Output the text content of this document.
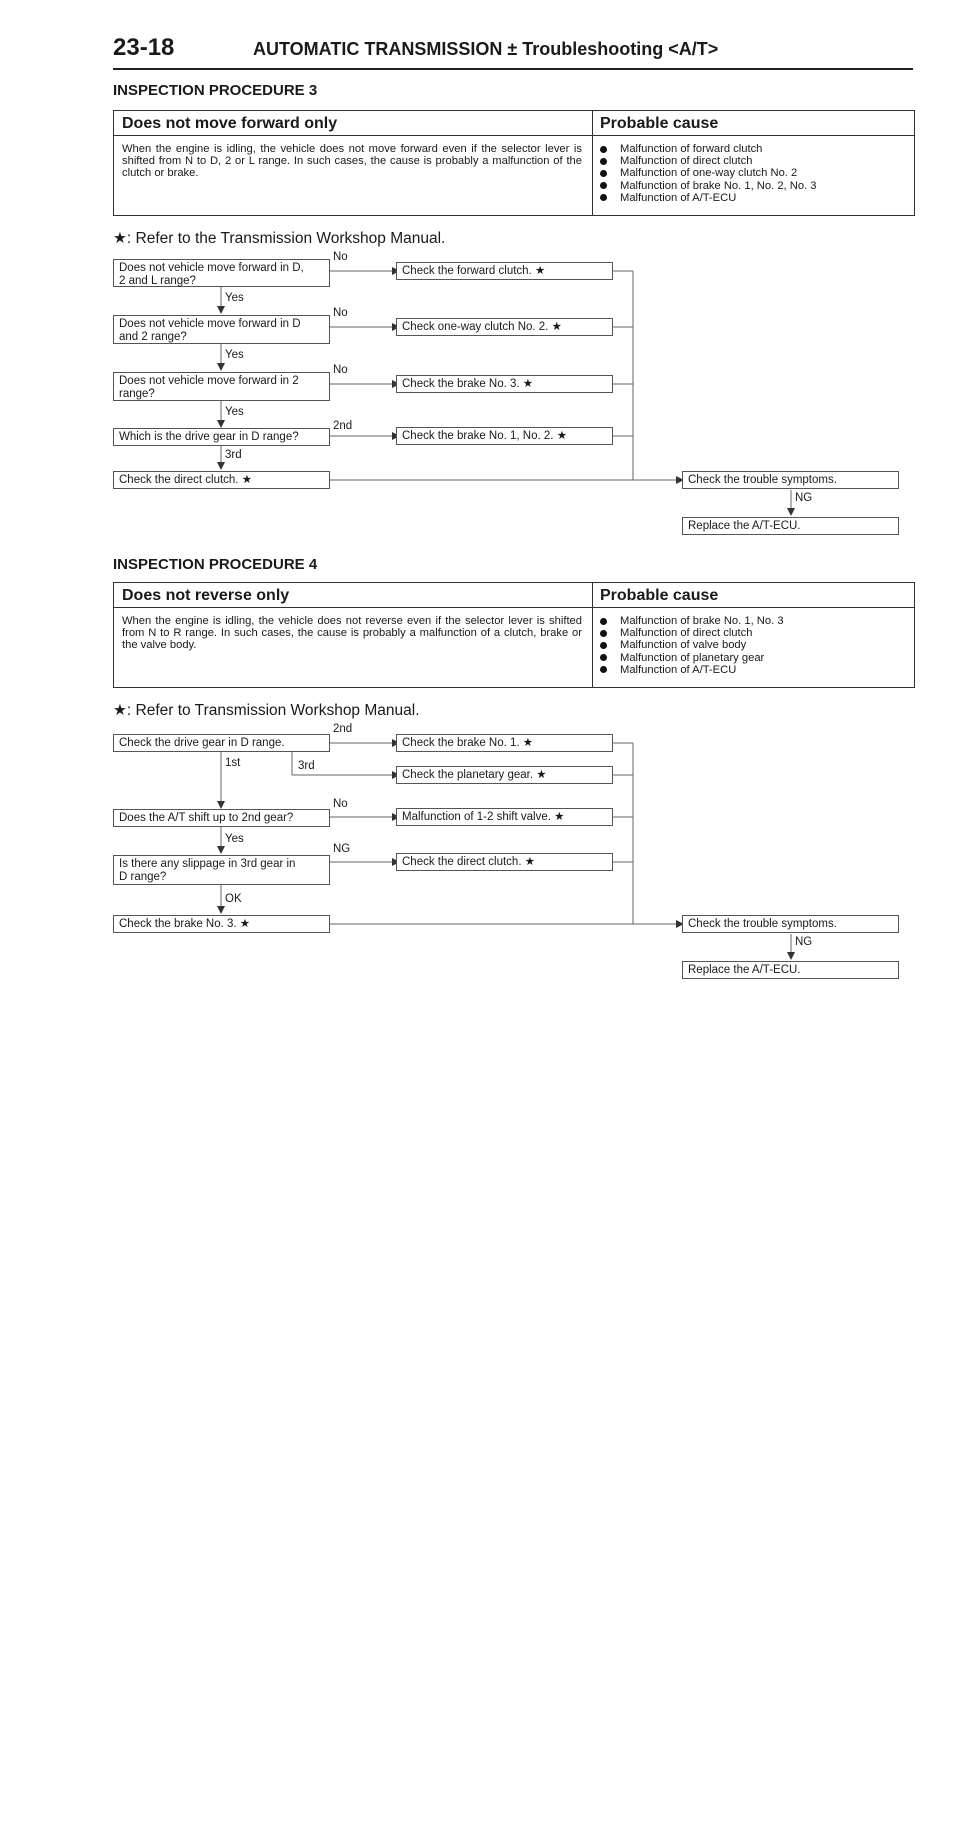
23-18	AUTOMATIC TRANSMISSION ± Troubleshooting <A/T>
INSPECTION PROCEDURE 3
Does not move forward only	Probable cause
When the engine is idling, the vehicle does not move forward even if the selector lever is shifted from N to D, 2 or L range. In such cases, the cause is probably a malfunction of the clutch or brake.
Malfunction of forward clutch
Malfunction of direct clutch
Malfunction of one-way clutch No. 2
Malfunction of brake No. 1, No. 2, No. 3
Malfunction of A/T-ECU
★: Refer to the Transmission Workshop Manual.
Does not vehicle move forward in D,
2 and L range?
Does not vehicle move forward in D
and 2 range?
Does not vehicle move forward in 2
range?
Which is the drive gear in D range?
Check the direct clutch. ★
Check the forward clutch. ★
Check one-way clutch No. 2. ★
Check the brake No. 3. ★
Check the brake No. 1, No. 2. ★
Check the trouble symptoms.
Replace the A/T-ECU.
No
No
No
2nd
Yes
Yes
Yes
3rd
NG
INSPECTION PROCEDURE 4
Does not reverse only	Probable cause
When the engine is idling, the vehicle does not reverse even if the selector lever is shifted from N to R range. In such cases, the cause is probably a malfunction of a clutch, brake or the valve body.
Malfunction of brake No. 1, No. 3
Malfunction of direct clutch
Malfunction of valve body
Malfunction of planetary gear
Malfunction of A/T-ECU
★: Refer to Transmission Workshop Manual.
Check the drive gear in D range.
Does the A/T shift up to 2nd gear?
Is there any slippage in 3rd gear in
D range?
Check the brake No. 3. ★
Check the brake No. 1. ★
Check the planetary gear. ★
Malfunction of 1-2 shift valve. ★
Check the direct clutch. ★
Check the trouble symptoms.
Replace the A/T-ECU.
2nd
1st	3rd
No
Yes
NG
OK
NG
